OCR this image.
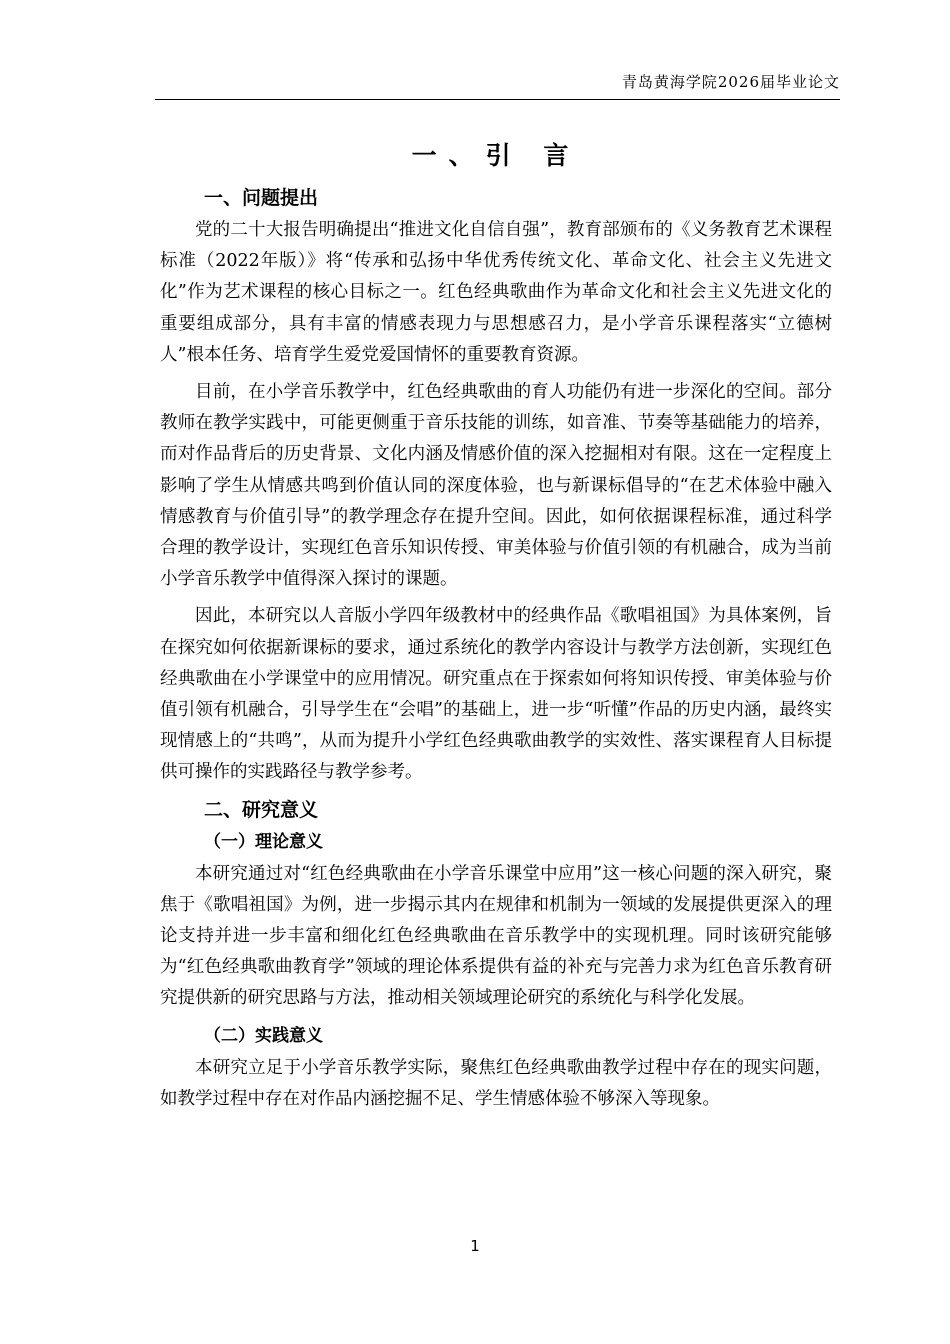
青岛黄海学院2026届毕业论文
一、引 言
一、问题提出

党的二十大报告明确提出“推进文化自信自强”，教育部颁布的《义务教育艺术课程标准（2022年版）》将“传承和弘扬中华优秀传统文化、革命文化、社会主义先进文化”作为艺术课程的核心目标之一。红色经典歌曲作为革命文化和社会主义先进文化的重要组成部分，具有丰富的情感表现力与思想感召力，是小学音乐课程落实“立德树人”根本任务、培育学生爱党爱国情怀的重要教育资源。

目前，在小学音乐教学中，红色经典歌曲的育人功能仍有进一步深化的空间。部分教师在教学实践中，可能更侧重于音乐技能的训练，如音准、节奏等基础能力的培养，而对作品背后的历史背景、文化内涵及情感价值的深入挖掘相对有限。这在一定程度上影响了学生从情感共鸣到价值认同的深度体验，也与新课标倡导的“在艺术体验中融入情感教育与价值引导”的教学理念存在提升空间。因此，如何依据课程标准，通过科学合理的教学设计，实现红色音乐知识传授、审美体验与价值引领的有机融合，成为当前小学音乐教学中值得深入探讨的课题。

因此，本研究以人音版小学四年级教材中的经典作品《歌唱祖国》为具体案例，旨在探究如何依据新课标的要求，通过系统化的教学内容设计与教学方法创新，实现红色经典歌曲在小学课堂中的应用情况。研究重点在于探索如何将知识传授、审美体验与价值引领有机融合，引导学生在“会唱”的基础上，进一步“听懂”作品的历史内涵，最终实现情感上的“共鸣”，从而为提升小学红色经典歌曲教学的实效性、落实课程育人目标提供可操作的实践路径与教学参考。

二、研究意义
（一）理论意义

本研究通过对“红色经典歌曲在小学音乐课堂中应用”这一核心问题的深入研究，聚焦于《歌唱祖国》为例，进一步揭示其内在规律和机制为一领域的发展提供更深入的理论支持并进一步丰富和细化红色经典歌曲在音乐教学中的实现机理。同时该研究能够为“红色经典歌曲教育学”领域的理论体系提供有益的补充与完善力求为红色音乐教育研究提供新的研究思路与方法，推动相关领域理论研究的系统化与科学化发展。

（二）实践意义

本研究立足于小学音乐教学实际，聚焦红色经典歌曲教学过程中存在的现实问题，如教学过程中存在对作品内涵挖掘不足、学生情感体验不够深入等现象。

1
